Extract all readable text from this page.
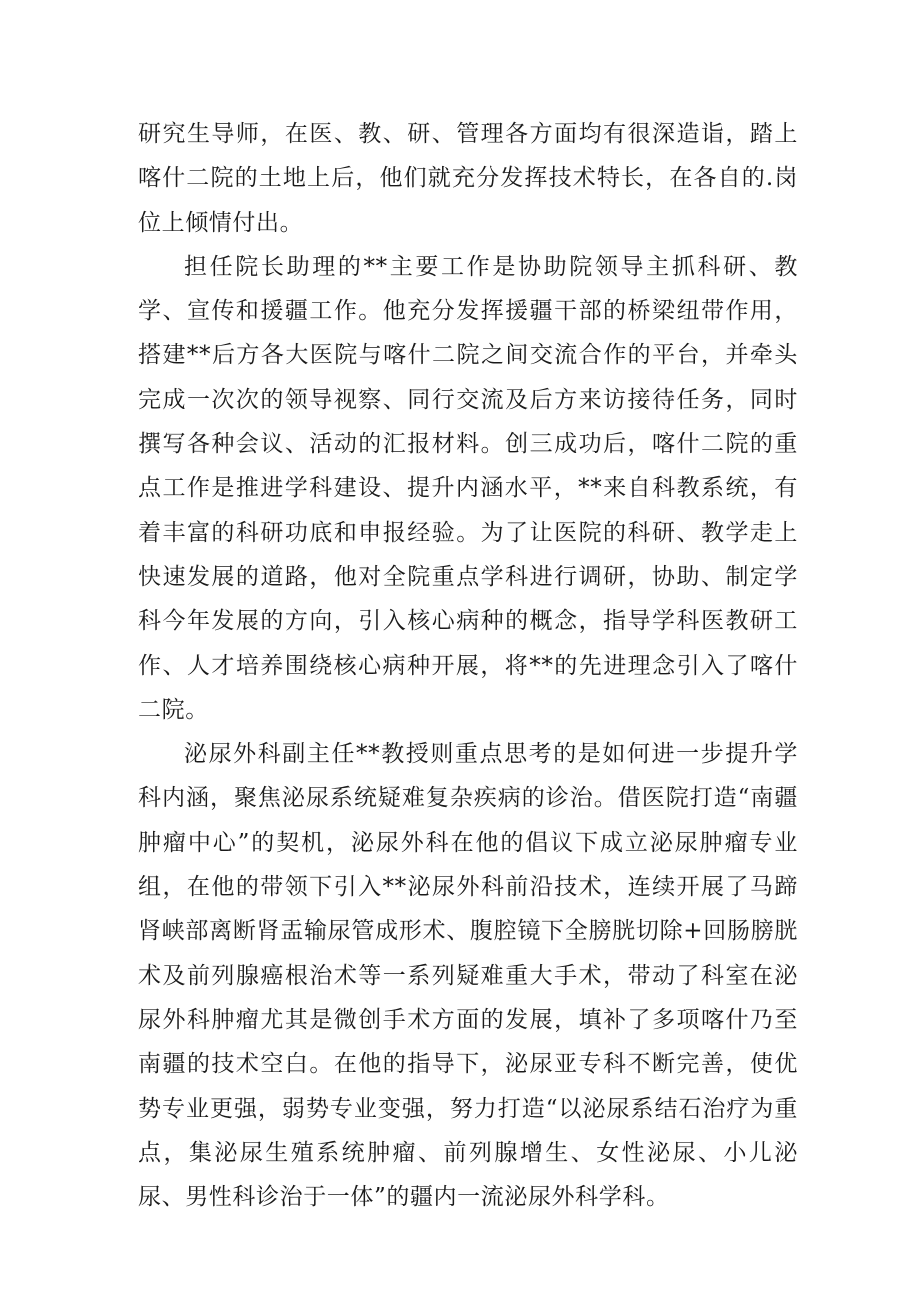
研究生导师，在医、教、研、管理各方面均有很深造诣，踏上喀什二院的土地上后，他们就充分发挥技术特长，在各自的.岗位上倾情付出。

担任院长助理的**主要工作是协助院领导主抓科研、教学、宣传和援疆工作。他充分发挥援疆干部的桥梁纽带作用，搭建**后方各大医院与喀什二院之间交流合作的平台，并牵头完成一次次的领导视察、同行交流及后方来访接待任务，同时撰写各种会议、活动的汇报材料。创三成功后，喀什二院的重点工作是推进学科建设、提升内涵水平，**来自科教系统，有着丰富的科研功底和申报经验。为了让医院的科研、教学走上快速发展的道路，他对全院重点学科进行调研，协助、制定学科今年发展的方向，引入核心病种的概念，指导学科医教研工作、人才培养围绕核心病种开展，将**的先进理念引入了喀什二院。

泌尿外科副主任**教授则重点思考的是如何进一步提升学科内涵，聚焦泌尿系统疑难复杂疾病的诊治。借医院打造“南疆肿瘤中心”的契机，泌尿外科在他的倡议下成立泌尿肿瘤专业组，在他的带领下引入**泌尿外科前沿技术，连续开展了马蹄肾峡部离断肾盂输尿管成形术、腹腔镜下全膀胱切除+回肠膀胱术及前列腺癌根治术等一系列疑难重大手术，带动了科室在泌尿外科肿瘤尤其是微创手术方面的发展，填补了多项喀什乃至南疆的技术空白。在他的指导下，泌尿亚专科不断完善，使优势专业更强，弱势专业变强，努力打造“以泌尿系结石治疗为重点，集泌尿生殖系统肿瘤、前列腺增生、女性泌尿、小儿泌尿、男性科诊治于一体”的疆内一流泌尿外科学科。
